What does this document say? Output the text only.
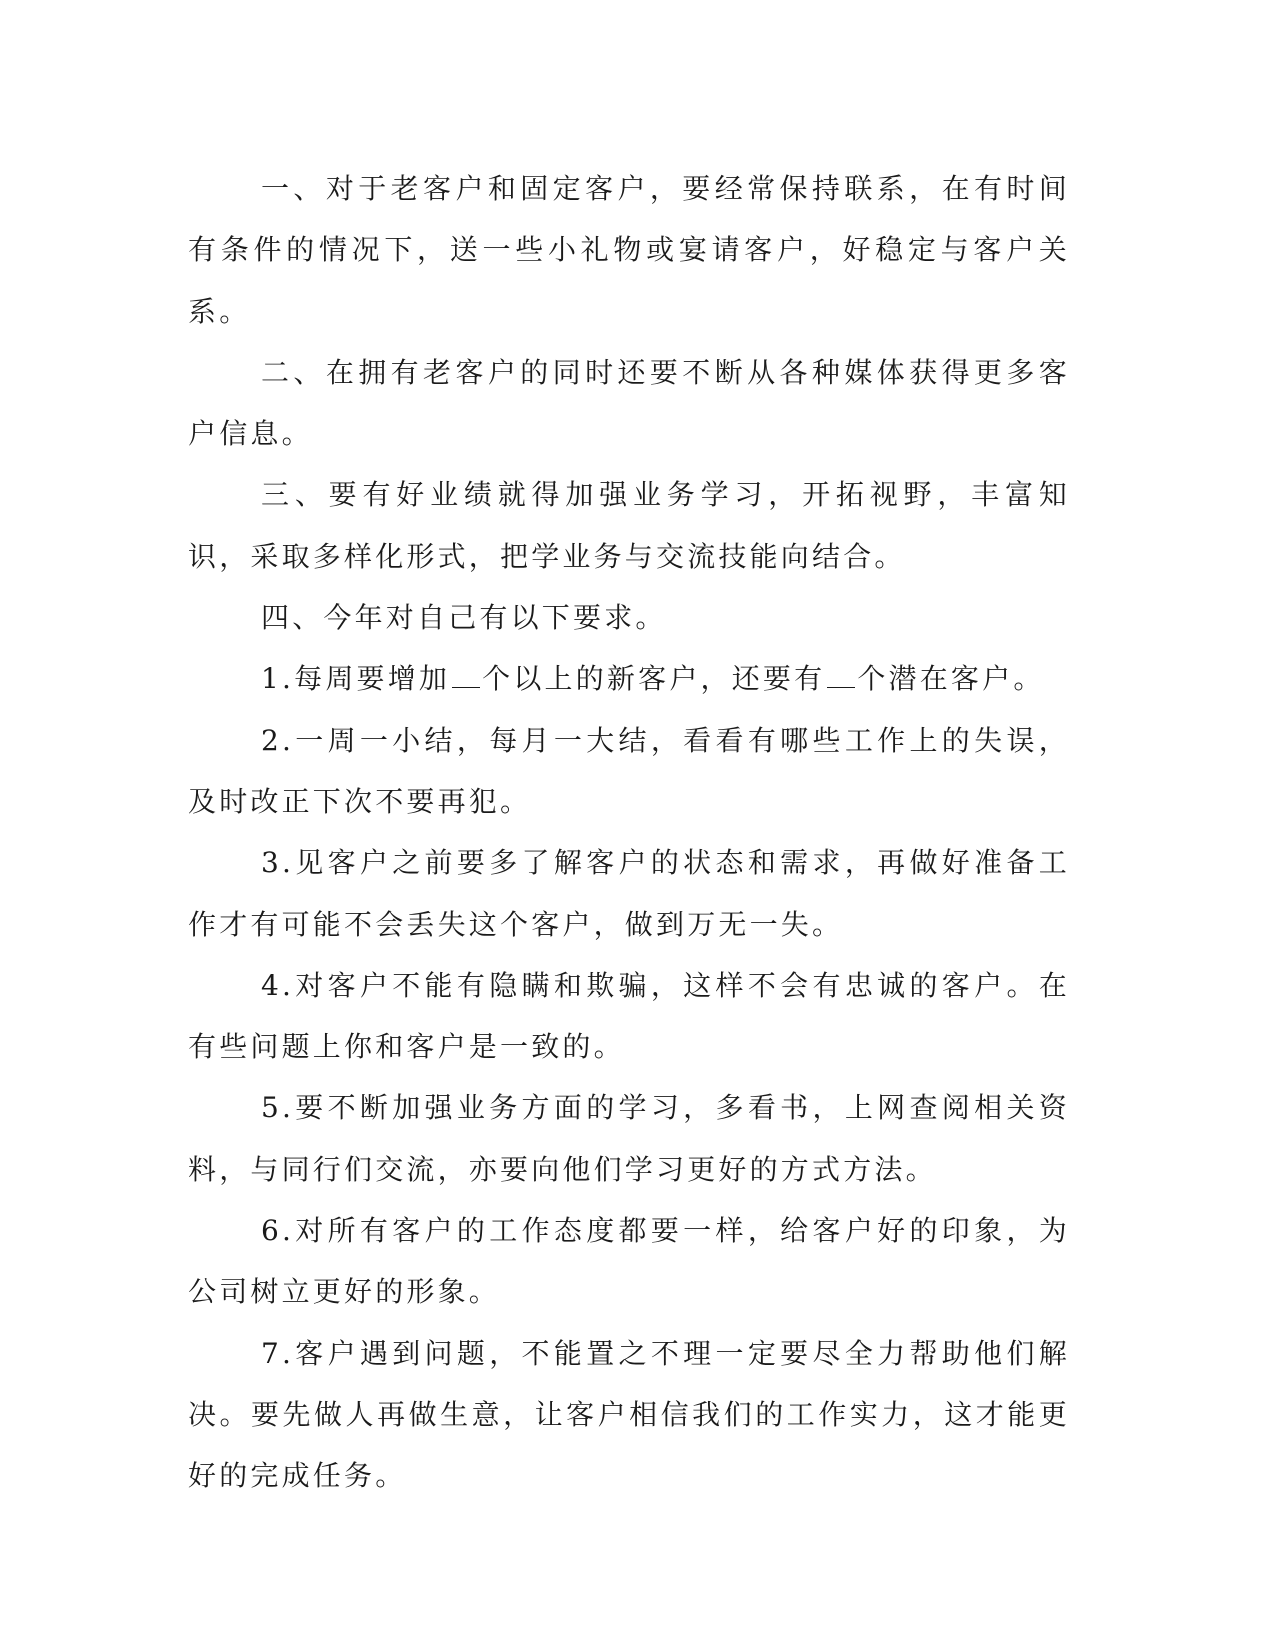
一、对于老客户和固定客户，要经常保持联系，在有时间有条件的情况下，送一些小礼物或宴请客户，好稳定与客户关系。

二、在拥有老客户的同时还要不断从各种媒体获得更多客户信息。

三、要有好业绩就得加强业务学习，开拓视野，丰富知识，采取多样化形式，把学业务与交流技能向结合。

四、今年对自己有以下要求。

1.每周要增加 个以上的新客户，还要有 个潜在客户。

2.一周一小结，每月一大结，看看有哪些工作上的失误，及时改正下次不要再犯。

3.见客户之前要多了解客户的状态和需求，再做好准备工作才有可能不会丢失这个客户，做到万无一失。

4.对客户不能有隐瞒和欺骗，这样不会有忠诚的客户。在有些问题上你和客户是一致的。

5.要不断加强业务方面的学习，多看书，上网查阅相关资料，与同行们交流，亦要向他们学习更好的方式方法。

6.对所有客户的工作态度都要一样，给客户好的印象，为公司树立更好的形象。

7.客户遇到问题，不能置之不理一定要尽全力帮助他们解决。要先做人再做生意，让客户相信我们的工作实力，这才能更好的完成任务。
